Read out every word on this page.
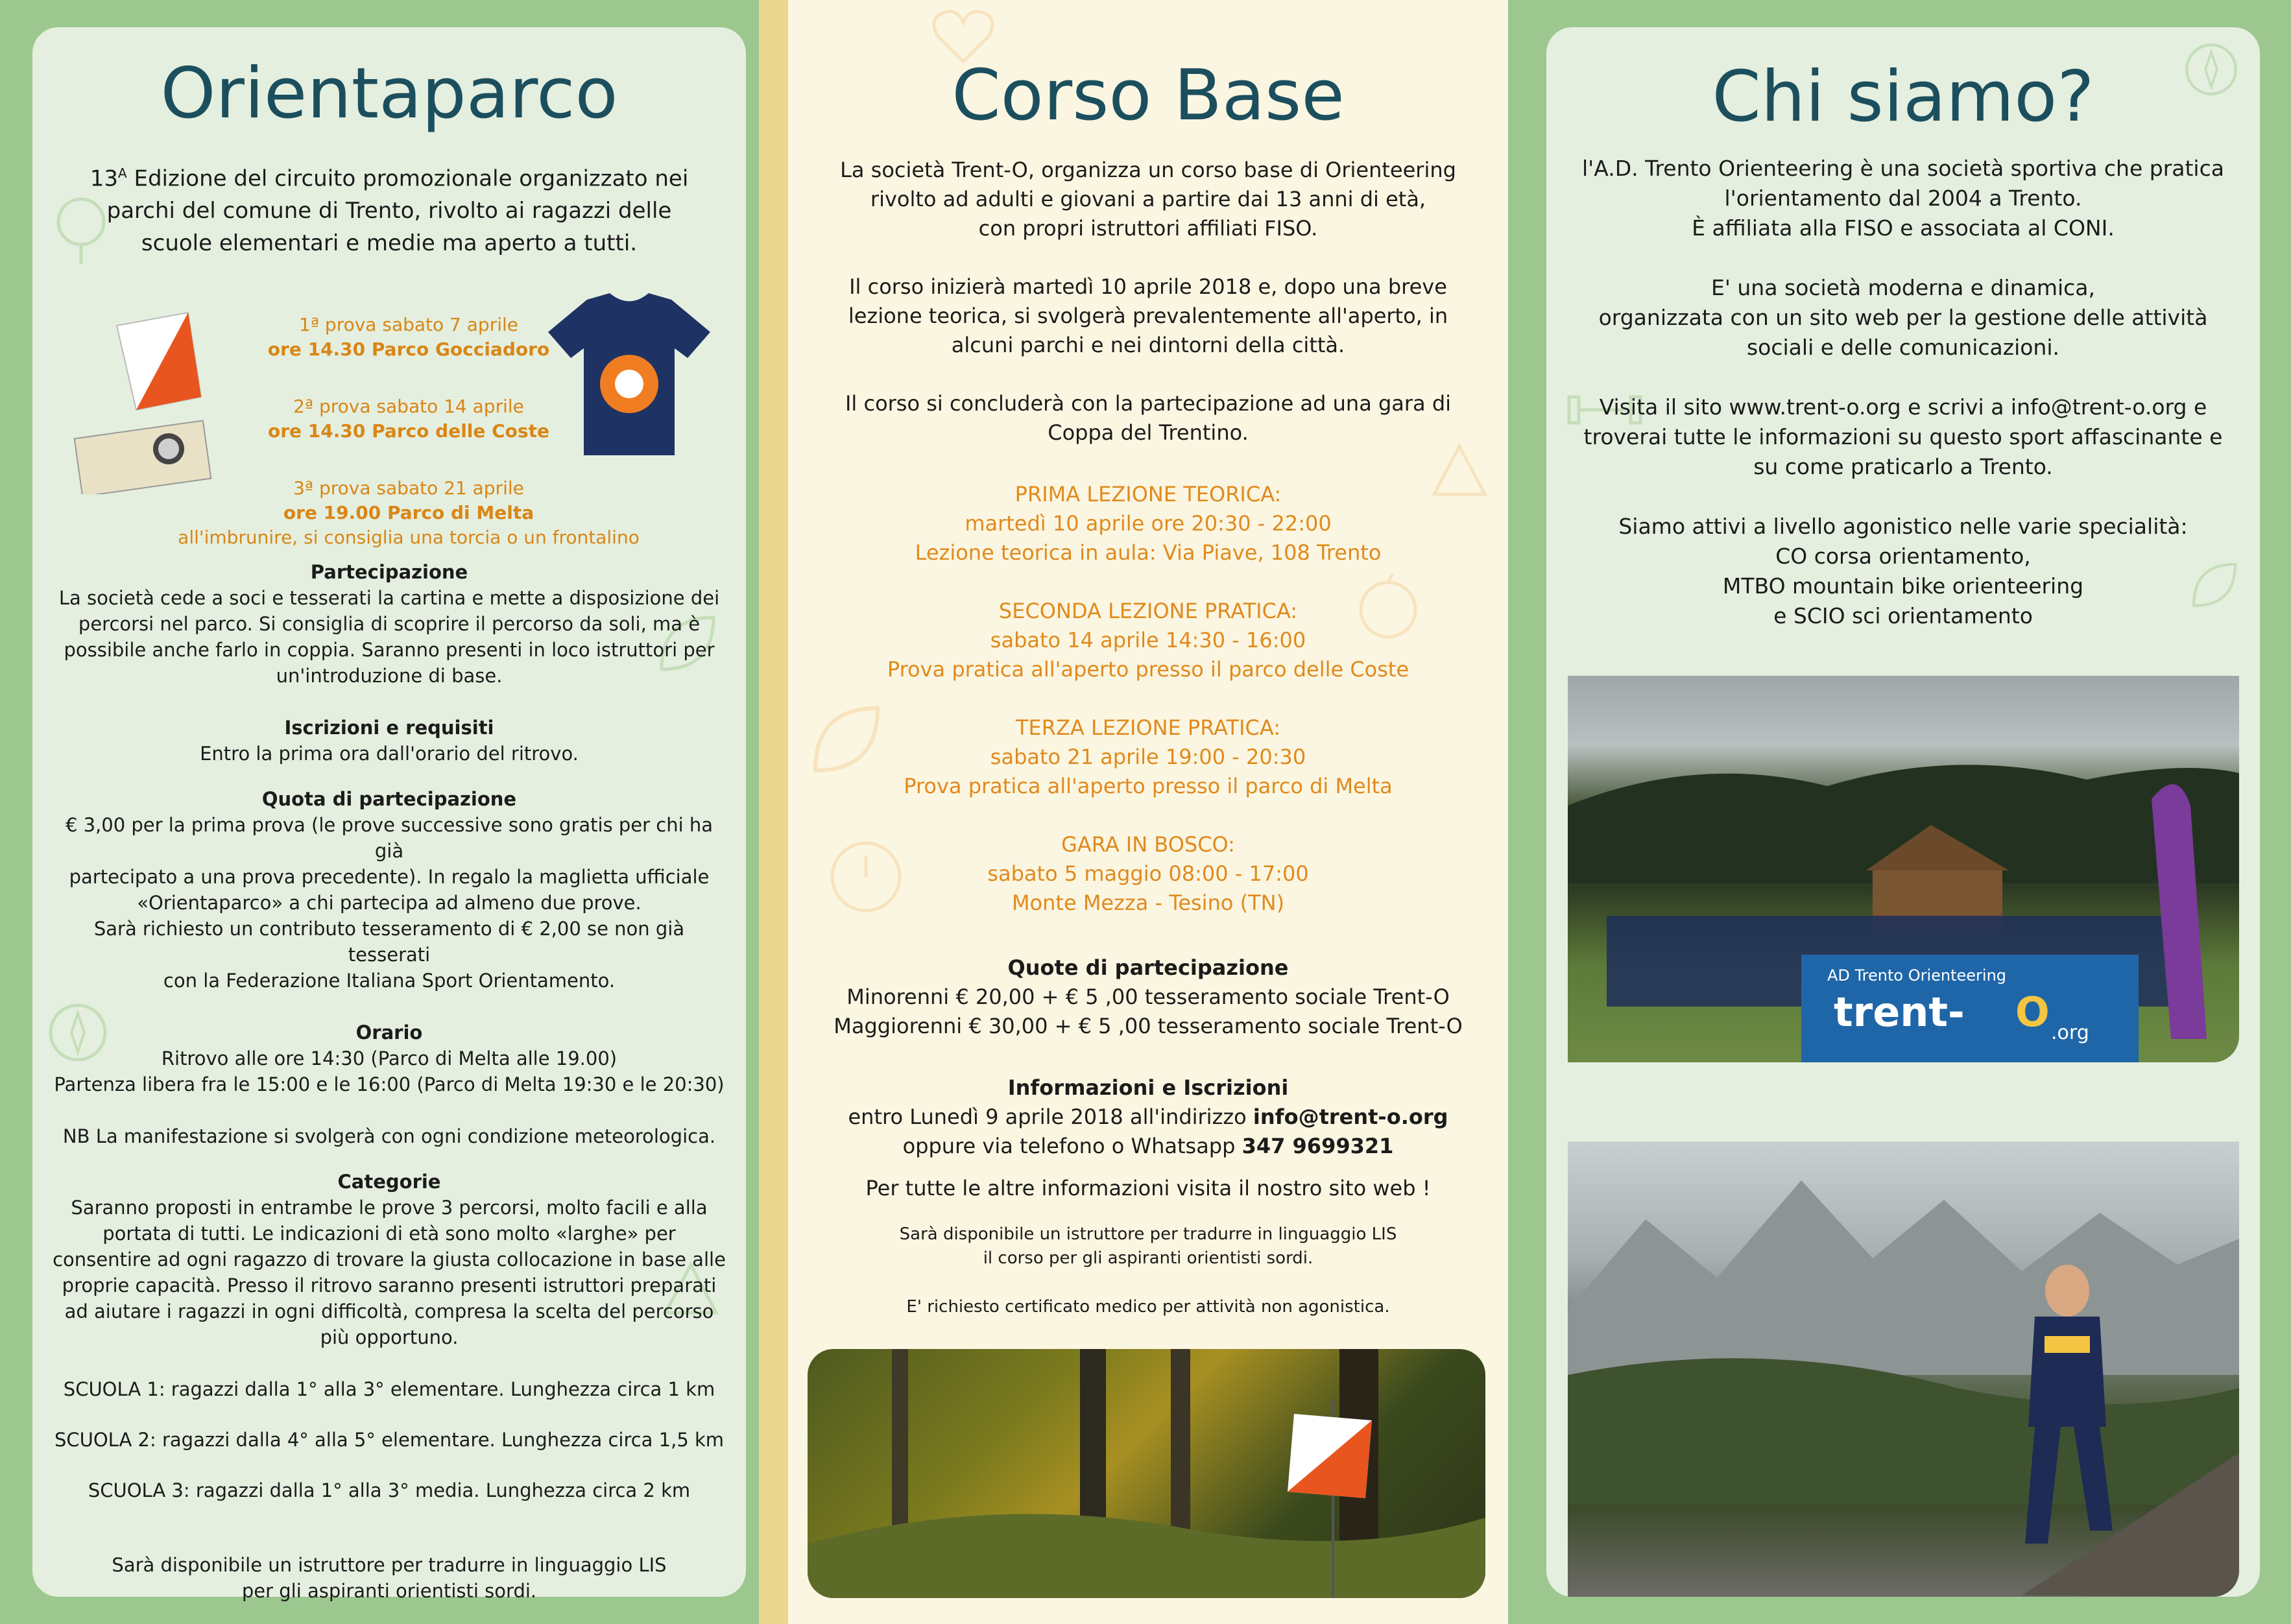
Orientaparco
$13^A$ Edizione del circuito promozionale organizzato nei
parchi del comune di Trento, rivolto ai ragazzi delle
scuole elementari e medie ma aperto a tutti.
1ª prova sabato 7 aprile
ore 14.30 Parco Gocciadoro
2ª prova sabato 14 aprile
ore 14.30 Parco delle Coste
3ª prova sabato 21 aprile
ore 19.00 Parco di Melta
all'imbrunire, si consiglia una torcia o un frontalino
Partecipazione
La società cede a soci e tesserati la cartina e mette a disposizione dei
percorsi nel parco. Si consiglia di scoprire il percorso da soli, ma è
possibile anche farlo in coppia. Saranno presenti in loco istruttori per
un'introduzione di base.
Iscrizioni e requisiti
Entro la prima ora dall'orario del ritrovo.
Quota di partecipazione
€ 3,00 per la prima prova (le prove successive sono gratis per chi ha già
partecipato a una prova precedente). In regalo la maglietta ufficiale
«Orientaparco» a chi partecipa ad almeno due prove.
Sarà richiesto un contributo tesseramento di € 2,00 se non già tesserati
con la Federazione Italiana Sport Orientamento.
Orario
Ritrovo alle ore 14:30 (Parco di Melta alle 19.00)
Partenza libera fra le 15:00 e le 16:00 (Parco di Melta 19:30 e le 20:30)
NB La manifestazione si svolgerà con ogni condizione meteorologica.
Categorie
Saranno proposti in entrambe le prove 3 percorsi, molto facili e alla
portata di tutti. Le indicazioni di età sono molto «larghe» per
consentire ad ogni ragazzo di trovare la giusta collocazione in base alle
proprie capacità. Presso il ritrovo saranno presenti istruttori preparati
ad aiutare i ragazzi in ogni difficoltà, compresa la scelta del percorso
più opportuno.
SCUOLA 1: ragazzi dalla 1° alla 3° elementare. Lunghezza circa 1 km
SCUOLA 2: ragazzi dalla 4° alla 5° elementare. Lunghezza circa 1,5 km
SCUOLA 3: ragazzi dalla 1° alla 3° media. Lunghezza circa 2 km
Sarà disponibile un istruttore per tradurre in linguaggio LIS
per gli aspiranti orientisti sordi.
Corso Base
La società Trent-O, organizza un corso base di Orienteering
rivolto ad adulti e giovani a partire dai 13 anni di età,
con propri istruttori affiliati FISO.
Il corso inizierà martedì 10 aprile 2018 e, dopo una breve
lezione teorica, si svolgerà prevalentemente all'aperto, in
alcuni parchi e nei dintorni della città.
Il corso si concluderà con la partecipazione ad una gara di
Coppa del Trentino.
PRIMA LEZIONE TEORICA:
martedì 10 aprile ore 20:30 - 22:00
Lezione teorica in aula: Via Piave, 108 Trento
SECONDA LEZIONE PRATICA:
sabato 14 aprile 14:30 - 16:00
Prova pratica all'aperto presso il parco delle Coste
TERZA LEZIONE PRATICA:
sabato 21 aprile 19:00 - 20:30
Prova pratica all'aperto presso il parco di Melta
GARA IN BOSCO:
sabato 5 maggio 08:00 - 17:00
Monte Mezza - Tesino (TN)
Quote di partecipazione
Minorenni € 20,00 + € 5 ,00 tesseramento sociale Trent-O
Maggiorenni € 30,00 + € 5 ,00 tesseramento sociale Trent-O
Informazioni e Iscrizioni
entro Lunedì 9 aprile 2018 all'indirizzo info@trent-o.org
oppure via telefono o Whatsapp 347 9699321
Per tutte le altre informazioni visita il nostro sito web !
Sarà disponibile un istruttore per tradurre in linguaggio LIS
il corso per gli aspiranti orientisti sordi.
E' richiesto certificato medico per attività non agonistica.
Chi siamo?
l'A.D. Trento Orienteering è una società sportiva che pratica
l'orientamento dal 2004 a Trento.
È affiliata alla FISO e associata al CONI.
E' una società moderna e dinamica,
organizzata con un sito web per la gestione delle attività
sociali e delle comunicazioni.
Visita il sito www.trent-o.org e scrivi a info@trent-o.org e
troverai tutte le informazioni su questo sport affascinante e
su come praticarlo a Trento.
Siamo attivi a livello agonistico nelle varie specialità:
CO corsa orientamento,
MTBO mountain bike orienteering
e SCIO sci orientamento
AD Trento Orienteering
trent- O .org
